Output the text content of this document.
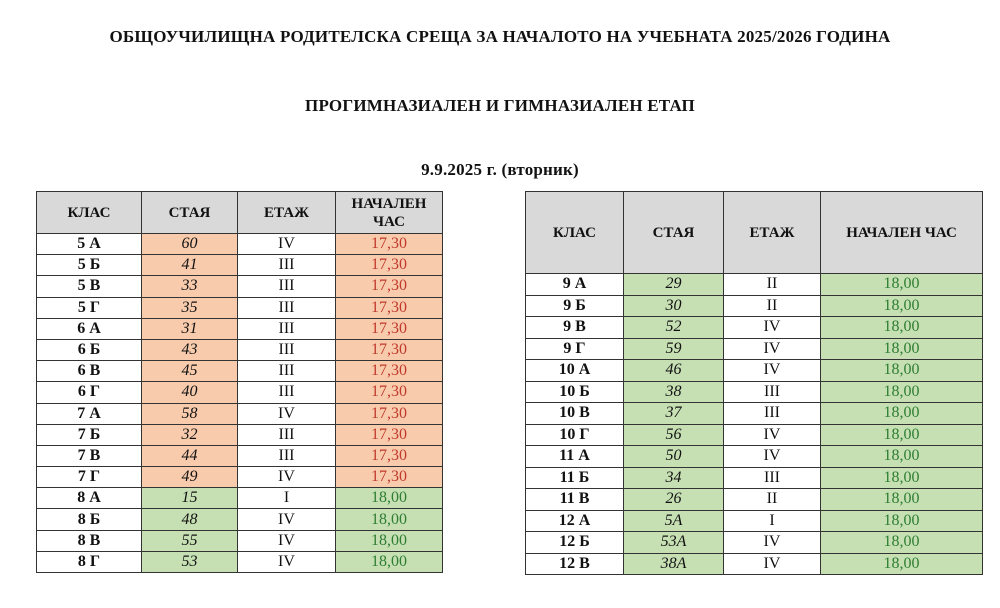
ОБЩОУЧИЛИЩНА РОДИТЕЛСКА СРЕЩА ЗА НАЧАЛОТО НА УЧЕБНАТА 2025/2026 ГОДИНА
ПРОГИМНАЗИАЛЕН И ГИМНАЗИАЛЕН ЕТАП
9.9.2025 г. (вторник)
КЛАС	СТАЯ	ЕТАЖ	НАЧАЛЕН ЧАС
5 А	60	IV	17,30
5 Б	41	III	17,30
5 В	33	III	17,30
5 Г	35	III	17,30
6 А	31	III	17,30
6 Б	43	III	17,30
6 В	45	III	17,30
6 Г	40	III	17,30
7 А	58	IV	17,30
7 Б	32	III	17,30
7 В	44	III	17,30
7 Г	49	IV	17,30
8 А	15	I	18,00
8 Б	48	IV	18,00
8 В	55	IV	18,00
8 Г	53	IV	18,00
КЛАС	СТАЯ	ЕТАЖ	НАЧАЛЕН ЧАС
9 А	29	II	18,00
9 Б	30	II	18,00
9 В	52	IV	18,00
9 Г	59	IV	18,00
10 А	46	IV	18,00
10 Б	38	III	18,00
10 В	37	III	18,00
10 Г	56	IV	18,00
11 А	50	IV	18,00
11 Б	34	III	18,00
11 В	26	II	18,00
12 А	5А	I	18,00
12 Б	53А	IV	18,00
12 В	38А	IV	18,00
